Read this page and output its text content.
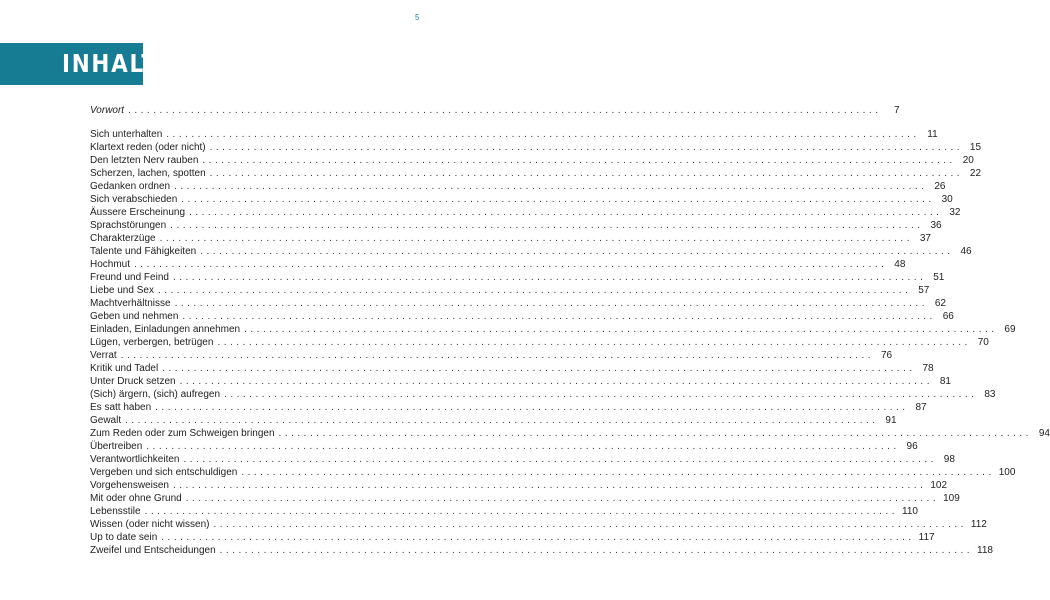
5
INHALT
Vorwort ........................................................................................................................	7
Sich unterhalten ........................................................................................................................ 11
Klartext reden (oder nicht) ........................................................................................................................ 15
Den letzten Nerv rauben ........................................................................................................................ 20
Scherzen, lachen, spotten ........................................................................................................................ 22
Gedanken ordnen ........................................................................................................................ 26
Sich verabschieden ........................................................................................................................ 30
Äussere Erscheinung ........................................................................................................................ 32
Sprachstörungen ........................................................................................................................ 36
Charakterzüge ........................................................................................................................ 37
Talente und Fähigkeiten ........................................................................................................................ 46
Hochmut ........................................................................................................................ 48
Freund und Feind ........................................................................................................................ 51
Liebe und Sex ........................................................................................................................ 57
Machtverhältnisse ........................................................................................................................ 62
Geben und nehmen ........................................................................................................................ 66
Einladen, Einladungen annehmen ........................................................................................................................ 69
Lügen, verbergen, betrügen ........................................................................................................................ 70
Verrat ........................................................................................................................ 76
Kritik und Tadel ........................................................................................................................ 78
Unter Druck setzen ........................................................................................................................ 81
(Sich) ärgern, (sich) aufregen ........................................................................................................................ 83
Es satt haben ........................................................................................................................ 87
Gewalt ........................................................................................................................ 91
Zum Reden oder zum Schweigen bringen ........................................................................................................................ 94
Übertreiben ........................................................................................................................ 96
Verantwortlichkeiten ........................................................................................................................ 98
Vergeben und sich entschuldigen ........................................................................................................................ 100
Vorgehensweisen ........................................................................................................................ 102
Mit oder ohne Grund ........................................................................................................................ 109
Lebensstile ........................................................................................................................ 110
Wissen (oder nicht wissen) ........................................................................................................................ 112
Up to date sein ........................................................................................................................ 117
Zweifel und Entscheidungen ........................................................................................................................ 118
